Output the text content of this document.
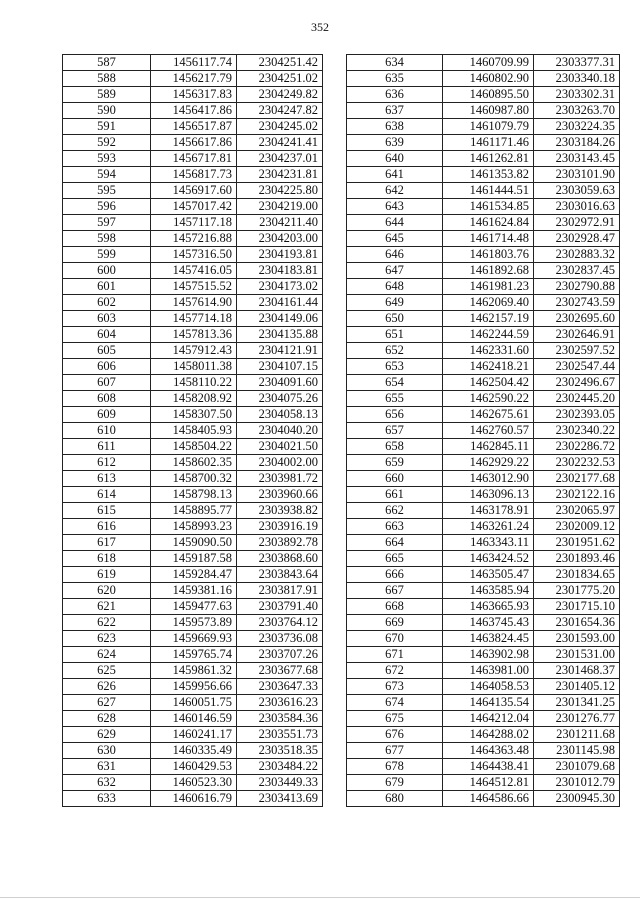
352
587	1456117.74	2304251.42
588	1456217.79	2304251.02
589	1456317.83	2304249.82
590	1456417.86	2304247.82
591	1456517.87	2304245.02
592	1456617.86	2304241.41
593	1456717.81	2304237.01
594	1456817.73	2304231.81
595	1456917.60	2304225.80
596	1457017.42	2304219.00
597	1457117.18	2304211.40
598	1457216.88	2304203.00
599	1457316.50	2304193.81
600	1457416.05	2304183.81
601	1457515.52	2304173.02
602	1457614.90	2304161.44
603	1457714.18	2304149.06
604	1457813.36	2304135.88
605	1457912.43	2304121.91
606	1458011.38	2304107.15
607	1458110.22	2304091.60
608	1458208.92	2304075.26
609	1458307.50	2304058.13
610	1458405.93	2304040.20
611	1458504.22	2304021.50
612	1458602.35	2304002.00
613	1458700.32	2303981.72
614	1458798.13	2303960.66
615	1458895.77	2303938.82
616	1458993.23	2303916.19
617	1459090.50	2303892.78
618	1459187.58	2303868.60
619	1459284.47	2303843.64
620	1459381.16	2303817.91
621	1459477.63	2303791.40
622	1459573.89	2303764.12
623	1459669.93	2303736.08
624	1459765.74	2303707.26
625	1459861.32	2303677.68
626	1459956.66	2303647.33
627	1460051.75	2303616.23
628	1460146.59	2303584.36
629	1460241.17	2303551.73
630	1460335.49	2303518.35
631	1460429.53	2303484.22
632	1460523.30	2303449.33
633	1460616.79	2303413.69
634	1460709.99	2303377.31
635	1460802.90	2303340.18
636	1460895.50	2303302.31
637	1460987.80	2303263.70
638	1461079.79	2303224.35
639	1461171.46	2303184.26
640	1461262.81	2303143.45
641	1461353.82	2303101.90
642	1461444.51	2303059.63
643	1461534.85	2303016.63
644	1461624.84	2302972.91
645	1461714.48	2302928.47
646	1461803.76	2302883.32
647	1461892.68	2302837.45
648	1461981.23	2302790.88
649	1462069.40	2302743.59
650	1462157.19	2302695.60
651	1462244.59	2302646.91
652	1462331.60	2302597.52
653	1462418.21	2302547.44
654	1462504.42	2302496.67
655	1462590.22	2302445.20
656	1462675.61	2302393.05
657	1462760.57	2302340.22
658	1462845.11	2302286.72
659	1462929.22	2302232.53
660	1463012.90	2302177.68
661	1463096.13	2302122.16
662	1463178.91	2302065.97
663	1463261.24	2302009.12
664	1463343.11	2301951.62
665	1463424.52	2301893.46
666	1463505.47	2301834.65
667	1463585.94	2301775.20
668	1463665.93	2301715.10
669	1463745.43	2301654.36
670	1463824.45	2301593.00
671	1463902.98	2301531.00
672	1463981.00	2301468.37
673	1464058.53	2301405.12
674	1464135.54	2301341.25
675	1464212.04	2301276.77
676	1464288.02	2301211.68
677	1464363.48	2301145.98
678	1464438.41	2301079.68
679	1464512.81	2301012.79
680	1464586.66	2300945.30
